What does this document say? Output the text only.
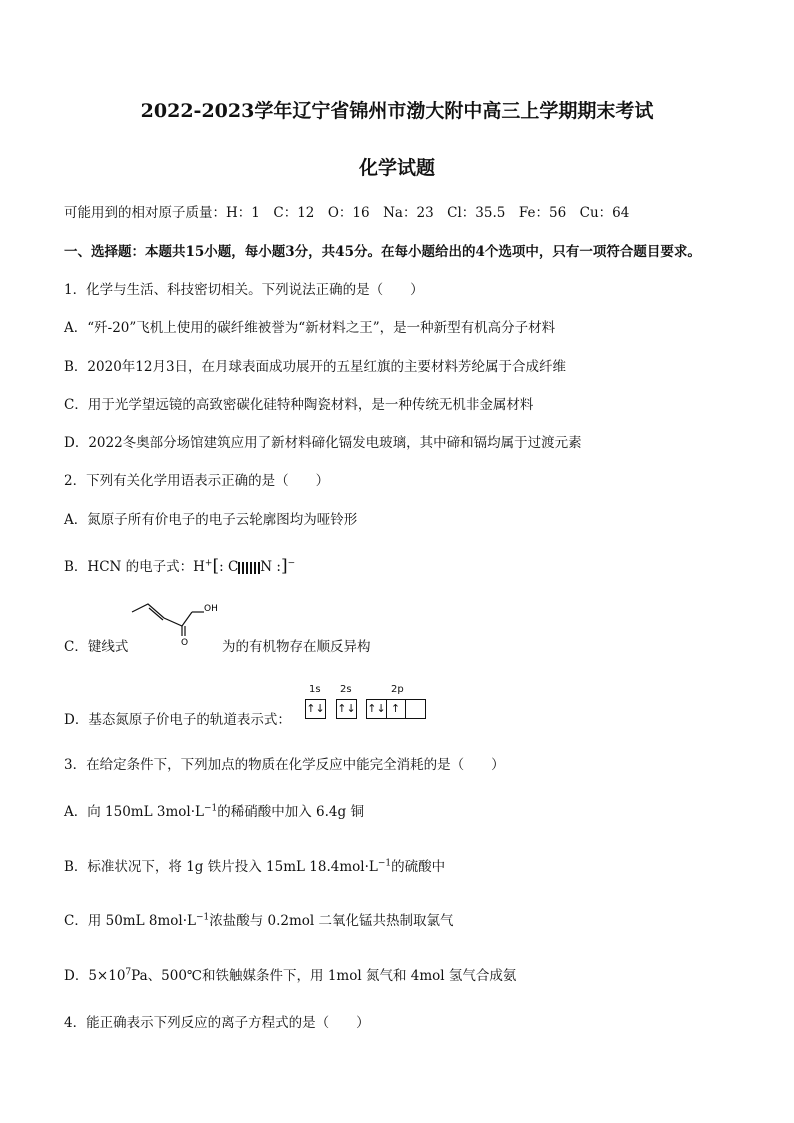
2022-2023学年辽宁省锦州市渤大附中高三上学期期末考试
化学试题
可能用到的相对原子质量：H：1　C：12　O：16　Na：23　Cl：35.5　Fe：56　Cu：64
一、选择题：本题共15小题，每小题3分，共45分。在每小题给出的4个选项中，只有一项符合题目要求。
1．化学与生活、科技密切相关。下列说法正确的是（　　）
A．“歼-20”飞机上使用的碳纤维被誉为“新材料之王”，是一种新型有机高分子材料
B．2020年12月3日，在月球表面成功展开的五星红旗的主要材料芳纶属于合成纤维
C．用于光学望远镜的高致密碳化硅特种陶瓷材料，是一种传统无机非金属材料
D．2022冬奥部分场馆建筑应用了新材料碲化镉发电玻璃，其中碲和镉均属于过渡元素
2．下列有关化学用语表示正确的是（　　）
A．氮原子所有价电子的电子云轮廓图均为哑铃形
B．HCN 的电子式：H+[: C N :]−
C．键线式
OH
O	为的有机物存在顺反异构
D．基态氮原子价电子的轨道表示式：
1s 2s	2p
↑↓ ↑↓ ↑↓ ↑
3．在给定条件下，下列加点的物质在化学反应中能完全消耗的是（　　）
A．向 150mL $3mol\cdot L^{-1}$的稀硝酸中加入 6.4g 铜
B．标准状况下，将 1g 铁片投入 15mL $18.4mol\cdot L^{-1}$的硫酸中
C．用 50mL $8mol\cdot L^{-1}$浓盐酸与 0.2mol 二氧化锰共热制取氯气
D．$5\times 10^7Pa$、500℃和铁触媒条件下，用 1mol 氮气和 4mol 氢气合成氨
4．能正确表示下列反应的离子方程式的是（　　）
